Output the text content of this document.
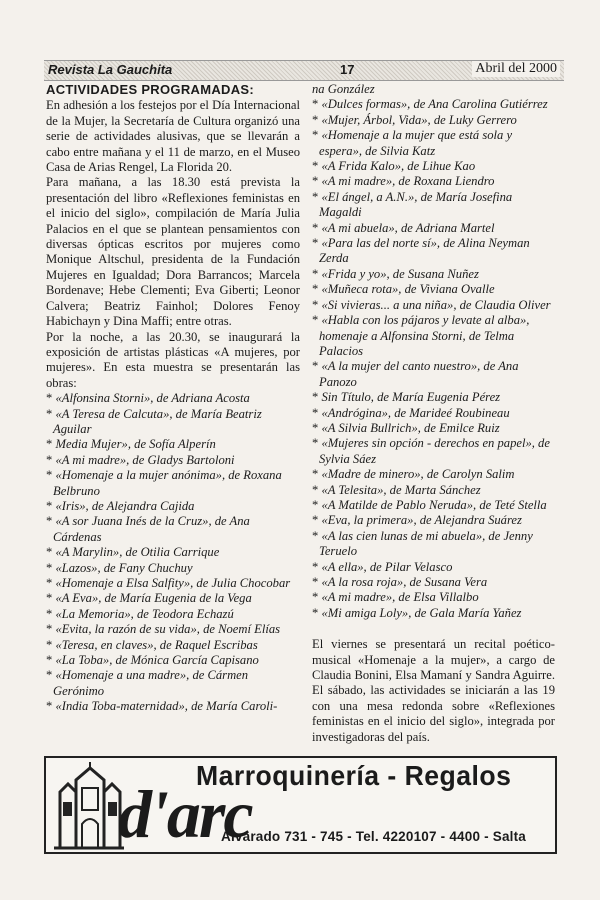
Revista La Gauchita	17	Abril del 2000
ACTIVIDADES PROGRAMADAS:

En adhesión a los festejos por el Día Internacional de la Mujer, la Secretaría de Cultura organizó una serie de actividades alusivas, que se llevarán a cabo entre mañana y el 11 de marzo, en el Museo Casa de Arias Rengel, La Florida 20.

Para mañana, a las 18.30 está prevista la presentación del libro «Reflexiones feministas en el inicio del siglo», compilación de María Julia Palacios en el que se plantean pensamientos con diversas ópticas escritos por mujeres como Monique Altschul, presidenta de la Fundación Mujeres en Igualdad; Dora Barrancos; Marcela Bordenave; Hebe Clementi; Eva Giberti; Leonor Calvera; Beatriz Fainhol; Dolores Fenoy Habichayn y Dina Maffi; entre otras.

Por la noche, a las 20.30, se inaugurará la exposición de artistas plásticas «A mujeres, por mujeres». En esta muestra se presentarán las obras:

* «Alfonsina Storni», de Adriana Acosta
* «A Teresa de Calcuta», de María Beatriz Aguilar
* Media Mujer», de Sofía Alperín
* «A mi madre», de Gladys Bartoloni
* «Homenaje a la mujer anónima», de Roxana Belbruno
* «Iris», de Alejandra Cajida
* «A sor Juana Inés de la Cruz», de Ana Cárdenas
* «A Marylin», de Otilia Carrique
* «Lazos», de Fany Chuchuy
* «Homenaje a Elsa Salfity», de Julia Chocobar
* «A Eva», de María Eugenia de la Vega
* «La Memoria», de Teodora Echazú
* «Evita, la razón de su vida», de Noemí Elías
* «Teresa, en claves», de Raquel Escribas
* «La Toba», de Mónica García Capisano
* «Homenaje a una madre», de Cármen Gerónimo
* «India Toba-maternidad», de María Caroli-
na González
* «Dulces formas», de Ana Carolina Gutiérrez
* «Mujer, Árbol, Vida», de Luky Gerrero
* «Homenaje a la mujer que está sola y espera», de Silvia Katz
* «A Frida Kalo», de Lihue Kao
* «A mi madre», de Roxana Liendro
* «El ángel, a A.N.», de María Josefina Magaldi
* «A mi abuela», de Adriana Martel
* «Para las del norte sí», de Alina Neyman Zerda
* «Frida y yo», de Susana Nuñez
* «Muñeca rota», de Viviana Ovalle
* «Si vivieras... a una niña», de Claudia Oliver
* «Habla con los pájaros y levate al alba», homenaje a Alfonsina Storni, de Telma Palacios
* «A la mujer del canto nuestro», de Ana Panozo
* Sin Título, de María Eugenia Pérez
* «Andrógina», de Marideé Roubineau
* «A Silvia Bullrich», de Emilce Ruiz
* «Mujeres sin opción - derechos en papel», de Sylvia Sáez
* «Madre de minero», de Carolyn Salim
* «A Telesita», de Marta Sánchez
* «A Matilde de Pablo Neruda», de Teté Stella
* «Eva, la primera», de Alejandra Suárez
* «A las cien lunas de mi abuela», de Jenny Teruelo
* «A ella», de Pilar Velasco
* «A la rosa roja», de Susana Vera
* «A mi madre», de Elsa Villalbo
* «Mi amiga Loly», de Gala María Yañez

El viernes se presentará un recital poético-musical «Homenaje a la mujer», a cargo de Claudia Bonini, Elsa Mamaní y Sandra Aguirre. El sábado, las actividades se iniciarán a las 19 con una mesa redonda sobre «Reflexiones feministas en el inicio del siglo», integrada por investigadoras del país.

Marroquinería - Regalos
d'arc
Alvarado 731 - 745 - Tel. 4220107 - 4400 - Salta
